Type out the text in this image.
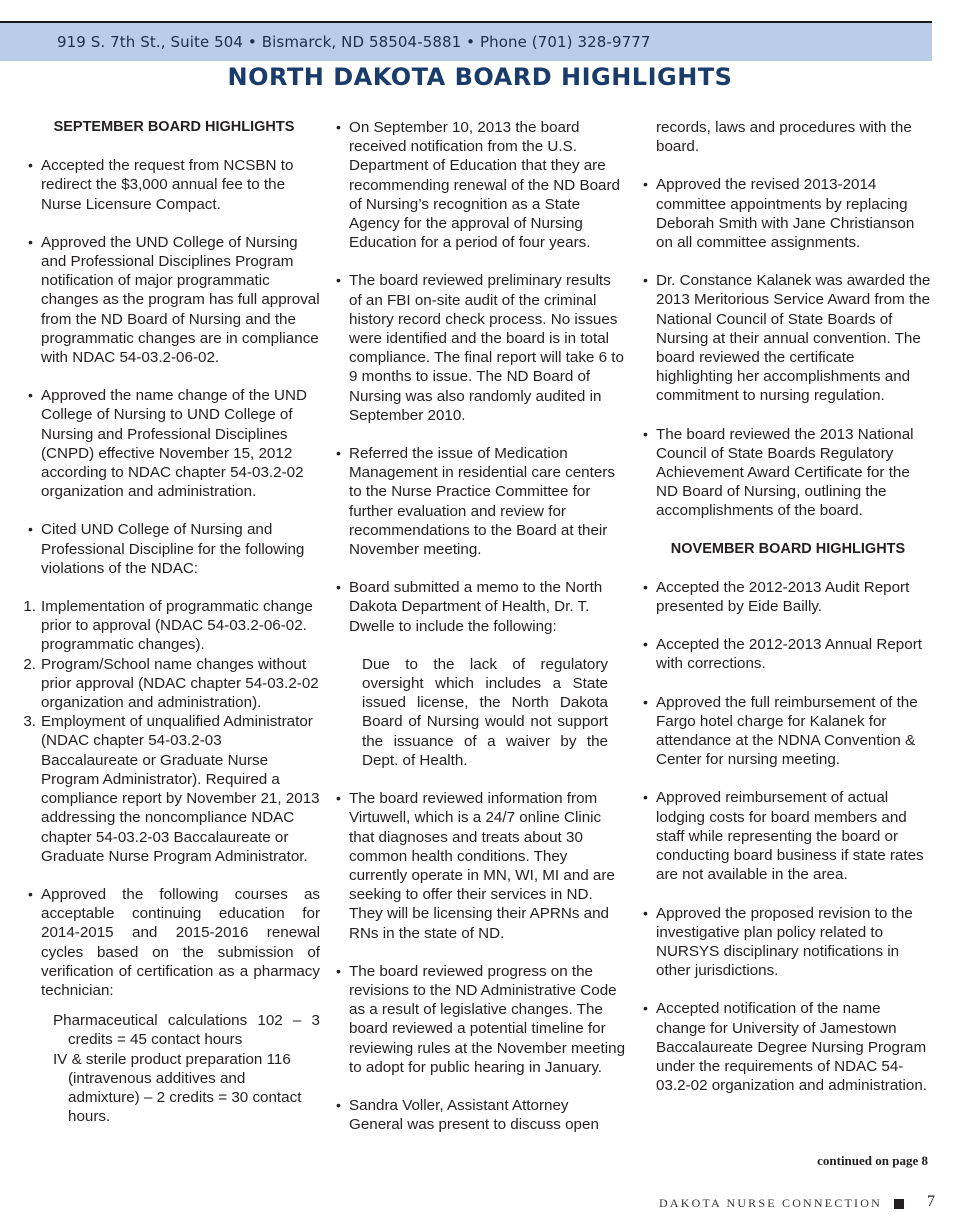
919 S. 7th St., Suite 504 • Bismarck, ND 58504-5881 • Phone (701) 328-9777
NORTH DAKOTA BOARD HIGHLIGHTS
SEPTEMBER BOARD HIGHLIGHTS
• Accepted the request from NCSBN to redirect the $3,000 annual fee to the Nurse Licensure Compact.
• Approved the UND College of Nursing and Professional Disciplines Program notification of major programmatic changes as the program has full approval from the ND Board of Nursing and the programmatic changes are in compliance with NDAC 54-03.2-06-02.
• Approved the name change of the UND College of Nursing to UND College of Nursing and Professional Disciplines (CNPD) effective November 15, 2012 according to NDAC chapter 54-03.2-02 organization and administration.
• Cited UND College of Nursing and Professional Discipline for the following violations of the NDAC:
1. Implementation of programmatic change prior to approval (NDAC 54-03.2-06-02. programmatic changes).
2. Program/School name changes without prior approval (NDAC chapter 54-03.2-02 organization and administration).
3. Employment of unqualified Administrator (NDAC chapter 54-03.2-03 Baccalaureate or Graduate Nurse Program Administrator). Required a compliance report by November 21, 2013 addressing the noncompliance NDAC chapter 54-03.2-03 Baccalaureate or Graduate Nurse Program Administrator.
• Approved the following courses as acceptable continuing education for 2014-2015 and 2015-2016 renewal cycles based on the submission of verification of certification as a pharmacy technician:
Pharmaceutical calculations 102 – 3 credits = 45 contact hours
IV & sterile product preparation 116 (intravenous additives and admixture) – 2 credits = 30 contact hours.
• On September 10, 2013 the board received notification from the U.S. Department of Education that they are recommending renewal of the ND Board of Nursing’s recognition as a State Agency for the approval of Nursing Education for a period of four years.
• The board reviewed preliminary results of an FBI on-site audit of the criminal history record check process. No issues were identified and the board is in total compliance. The final report will take 6 to 9 months to issue. The ND Board of Nursing was also randomly audited in September 2010.
• Referred the issue of Medication Management in residential care centers to the Nurse Practice Committee for further evaluation and review for recommendations to the Board at their November meeting.
• Board submitted a memo to the North Dakota Department of Health, Dr. T. Dwelle to include the following:
Due to the lack of regulatory oversight which includes a State issued license, the North Dakota Board of Nursing would not support the issuance of a waiver by the Dept. of Health.
• The board reviewed information from Virtuwell, which is a 24/7 online Clinic that diagnoses and treats about 30 common health conditions. They currently operate in MN, WI, MI and are seeking to offer their services in ND. They will be licensing their APRNs and RNs in the state of ND.
• The board reviewed progress on the revisions to the ND Administrative Code as a result of legislative changes. The board reviewed a potential timeline for reviewing rules at the November meeting to adopt for public hearing in January.
• Sandra Voller, Assistant Attorney General was present to discuss open
records, laws and procedures with the board.
• Approved the revised 2013-2014 committee appointments by replacing Deborah Smith with Jane Christianson on all committee assignments.
• Dr. Constance Kalanek was awarded the 2013 Meritorious Service Award from the National Council of State Boards of Nursing at their annual convention. The board reviewed the certificate highlighting her accomplishments and commitment to nursing regulation.
• The board reviewed the 2013 National Council of State Boards Regulatory Achievement Award Certificate for the ND Board of Nursing, outlining the accomplishments of the board.
NOVEMBER BOARD HIGHLIGHTS
• Accepted the 2012-2013 Audit Report presented by Eide Bailly.
• Accepted the 2012-2013 Annual Report with corrections.
• Approved the full reimbursement of the Fargo hotel charge for Kalanek for attendance at the NDNA Convention & Center for nursing meeting.
• Approved reimbursement of actual lodging costs for board members and staff while representing the board or conducting board business if state rates are not available in the area.
• Approved the proposed revision to the investigative plan policy related to NURSYS disciplinary notifications in other jurisdictions.
• Accepted notification of the name change for University of Jamestown Baccalaureate Degree Nursing Program under the requirements of NDAC 54-03.2-02 organization and administration.
continued on page 8
DAKOTA NURSE CONNECTION	7
